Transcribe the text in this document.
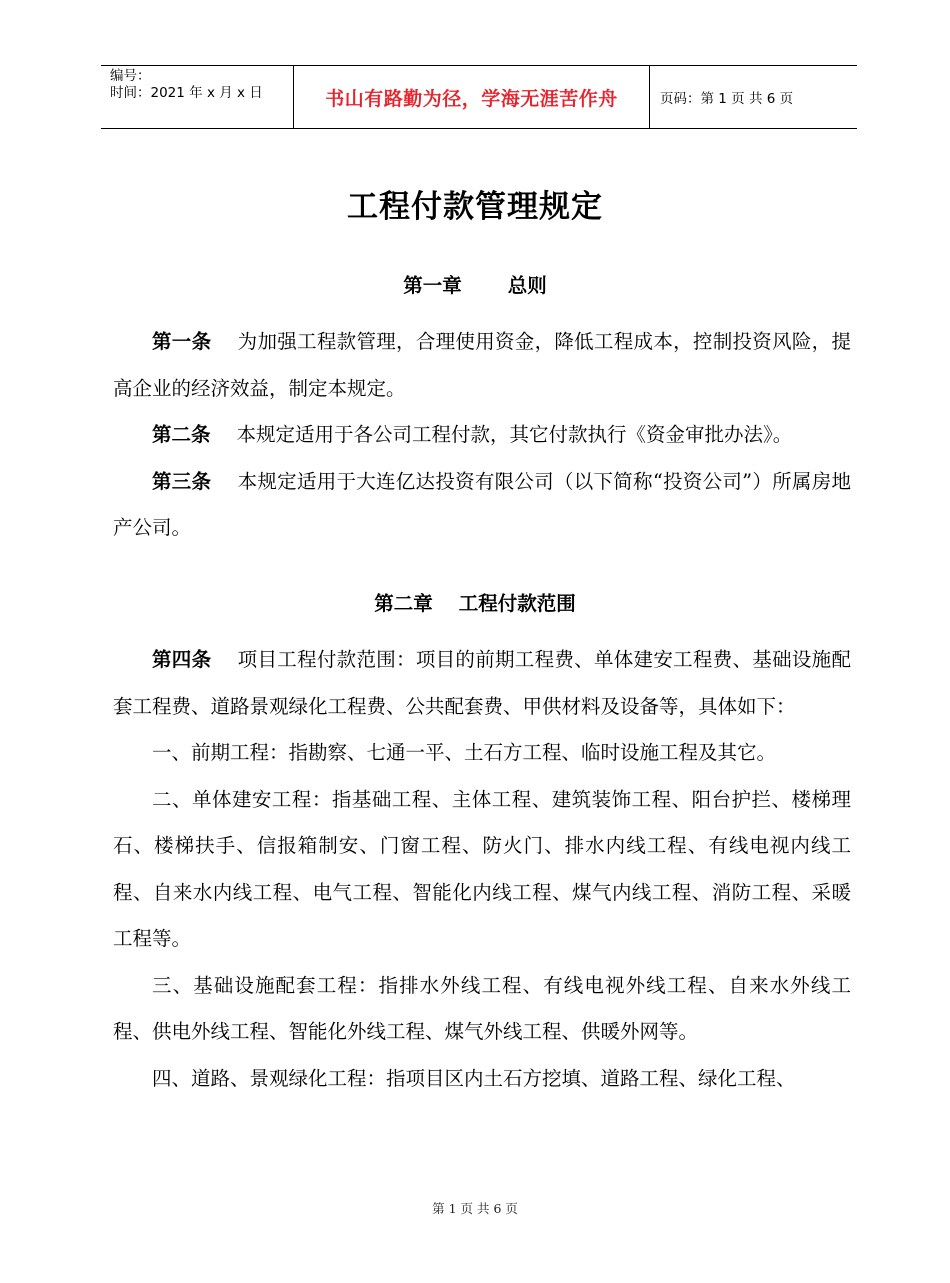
编号：
时间：2021 年 x 月 x 日	书山有路勤为径，学海无涯苦作舟	页码：第 1 页 共 6 页
工程付款管理规定
第一章 总则

第一条 为加强工程款管理，合理使用资金，降低工程成本，控制投资风险，提高企业的经济效益，制定本规定。

第二条 本规定适用于各公司工程付款，其它付款执行《资金审批办法》。

第三条 本规定适用于大连亿达投资有限公司（以下简称“投资公司”）所属房地产公司。

第二章 工程付款范围

第四条 项目工程付款范围：项目的前期工程费、单体建安工程费、基础设施配套工程费、道路景观绿化工程费、公共配套费、甲供材料及设备等，具体如下：

一、前期工程：指勘察、七通一平、土石方工程、临时设施工程及其它。

二、单体建安工程：指基础工程、主体工程、建筑装饰工程、阳台护拦、楼梯理石、楼梯扶手、信报箱制安、门窗工程、防火门、排水内线工程、有线电视内线工程、自来水内线工程、电气工程、智能化内线工程、煤气内线工程、消防工程、采暖工程等。

三、基础设施配套工程：指排水外线工程、有线电视外线工程、自来水外线工程、供电外线工程、智能化外线工程、煤气外线工程、供暖外网等。

四、道路、景观绿化工程：指项目区内土石方挖填、道路工程、绿化工程、

第 1 页 共 6 页
